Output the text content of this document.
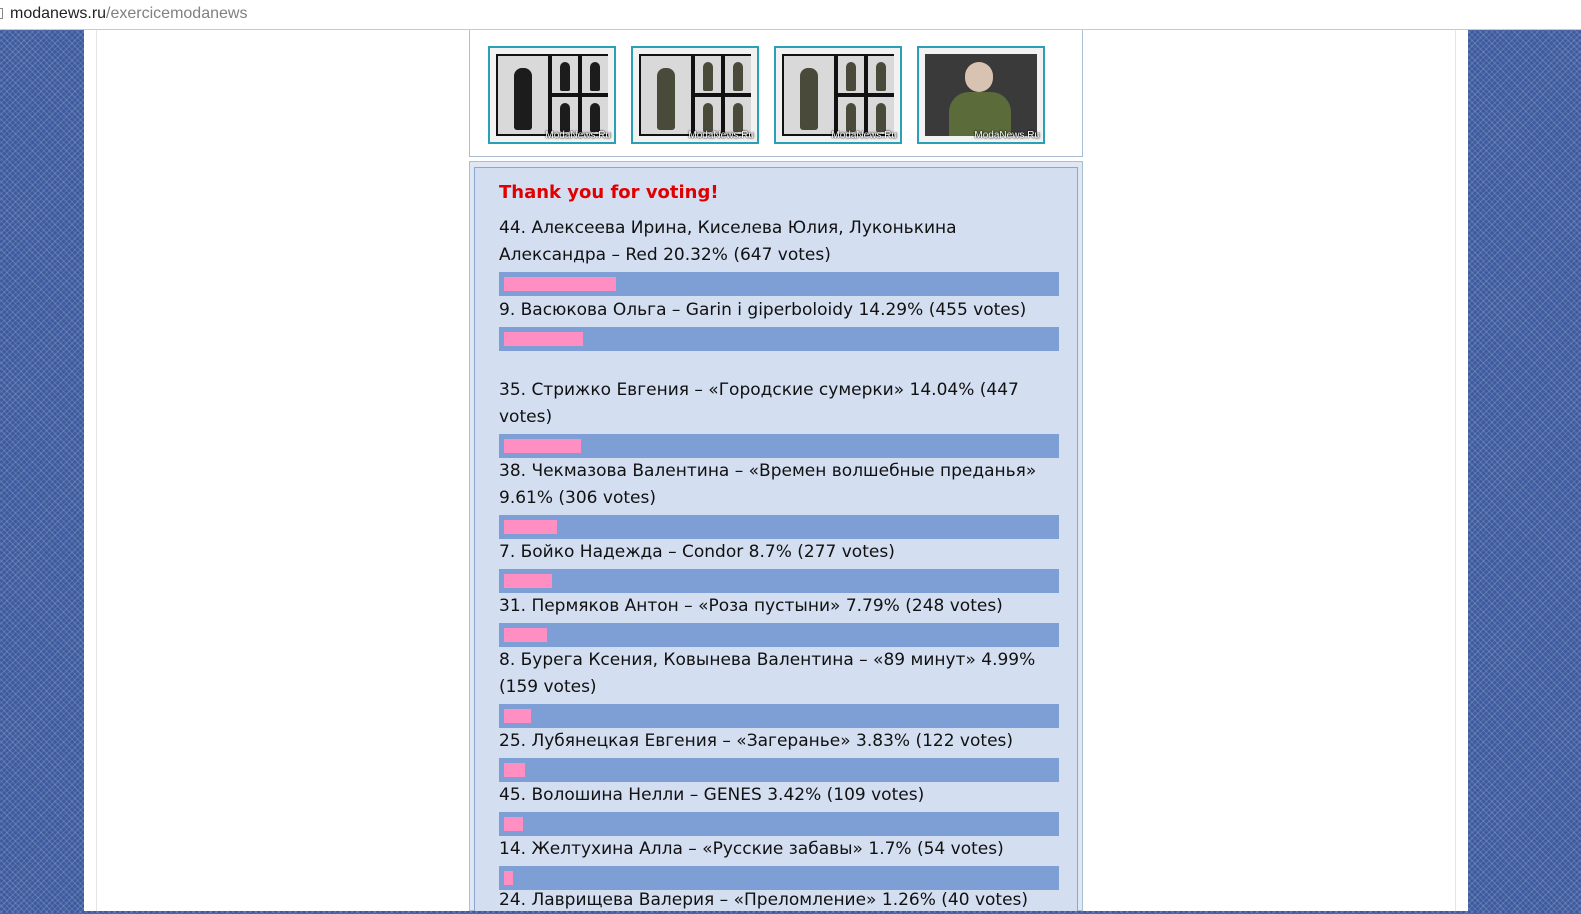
modanews.ru/exercicemodanews
ModaNews.Ru	ModaNews.Ru	ModaNews.Ru	ModaNews.Ru
Thank you for voting!
44. Алексеева Ирина, Киселева Юлия, Луконькина Александра – Red 20.32% (647 votes)
9. Васюкова Ольга – Garin i giperboloidy 14.29% (455 votes)
35. Стрижко Евгения – «Городские сумерки» 14.04% (447 votes)
38. Чекмазова Валентина – «Времен волшебные преданья» 9.61% (306 votes)
7. Бойко Надежда – Condor 8.7% (277 votes)
31. Пермяков Антон – «Роза пустыни» 7.79% (248 votes)
8. Бурега Ксения, Ковынева Валентина – «89 минут» 4.99% (159 votes)
25. Лубянецкая Евгения – «Загеранье» 3.83% (122 votes)
45. Волошина Нелли – GENES 3.42% (109 votes)
14. Желтухина Алла – «Русские забавы» 1.7% (54 votes)
24. Лаврищева Валерия – «Преломление» 1.26% (40 votes)
